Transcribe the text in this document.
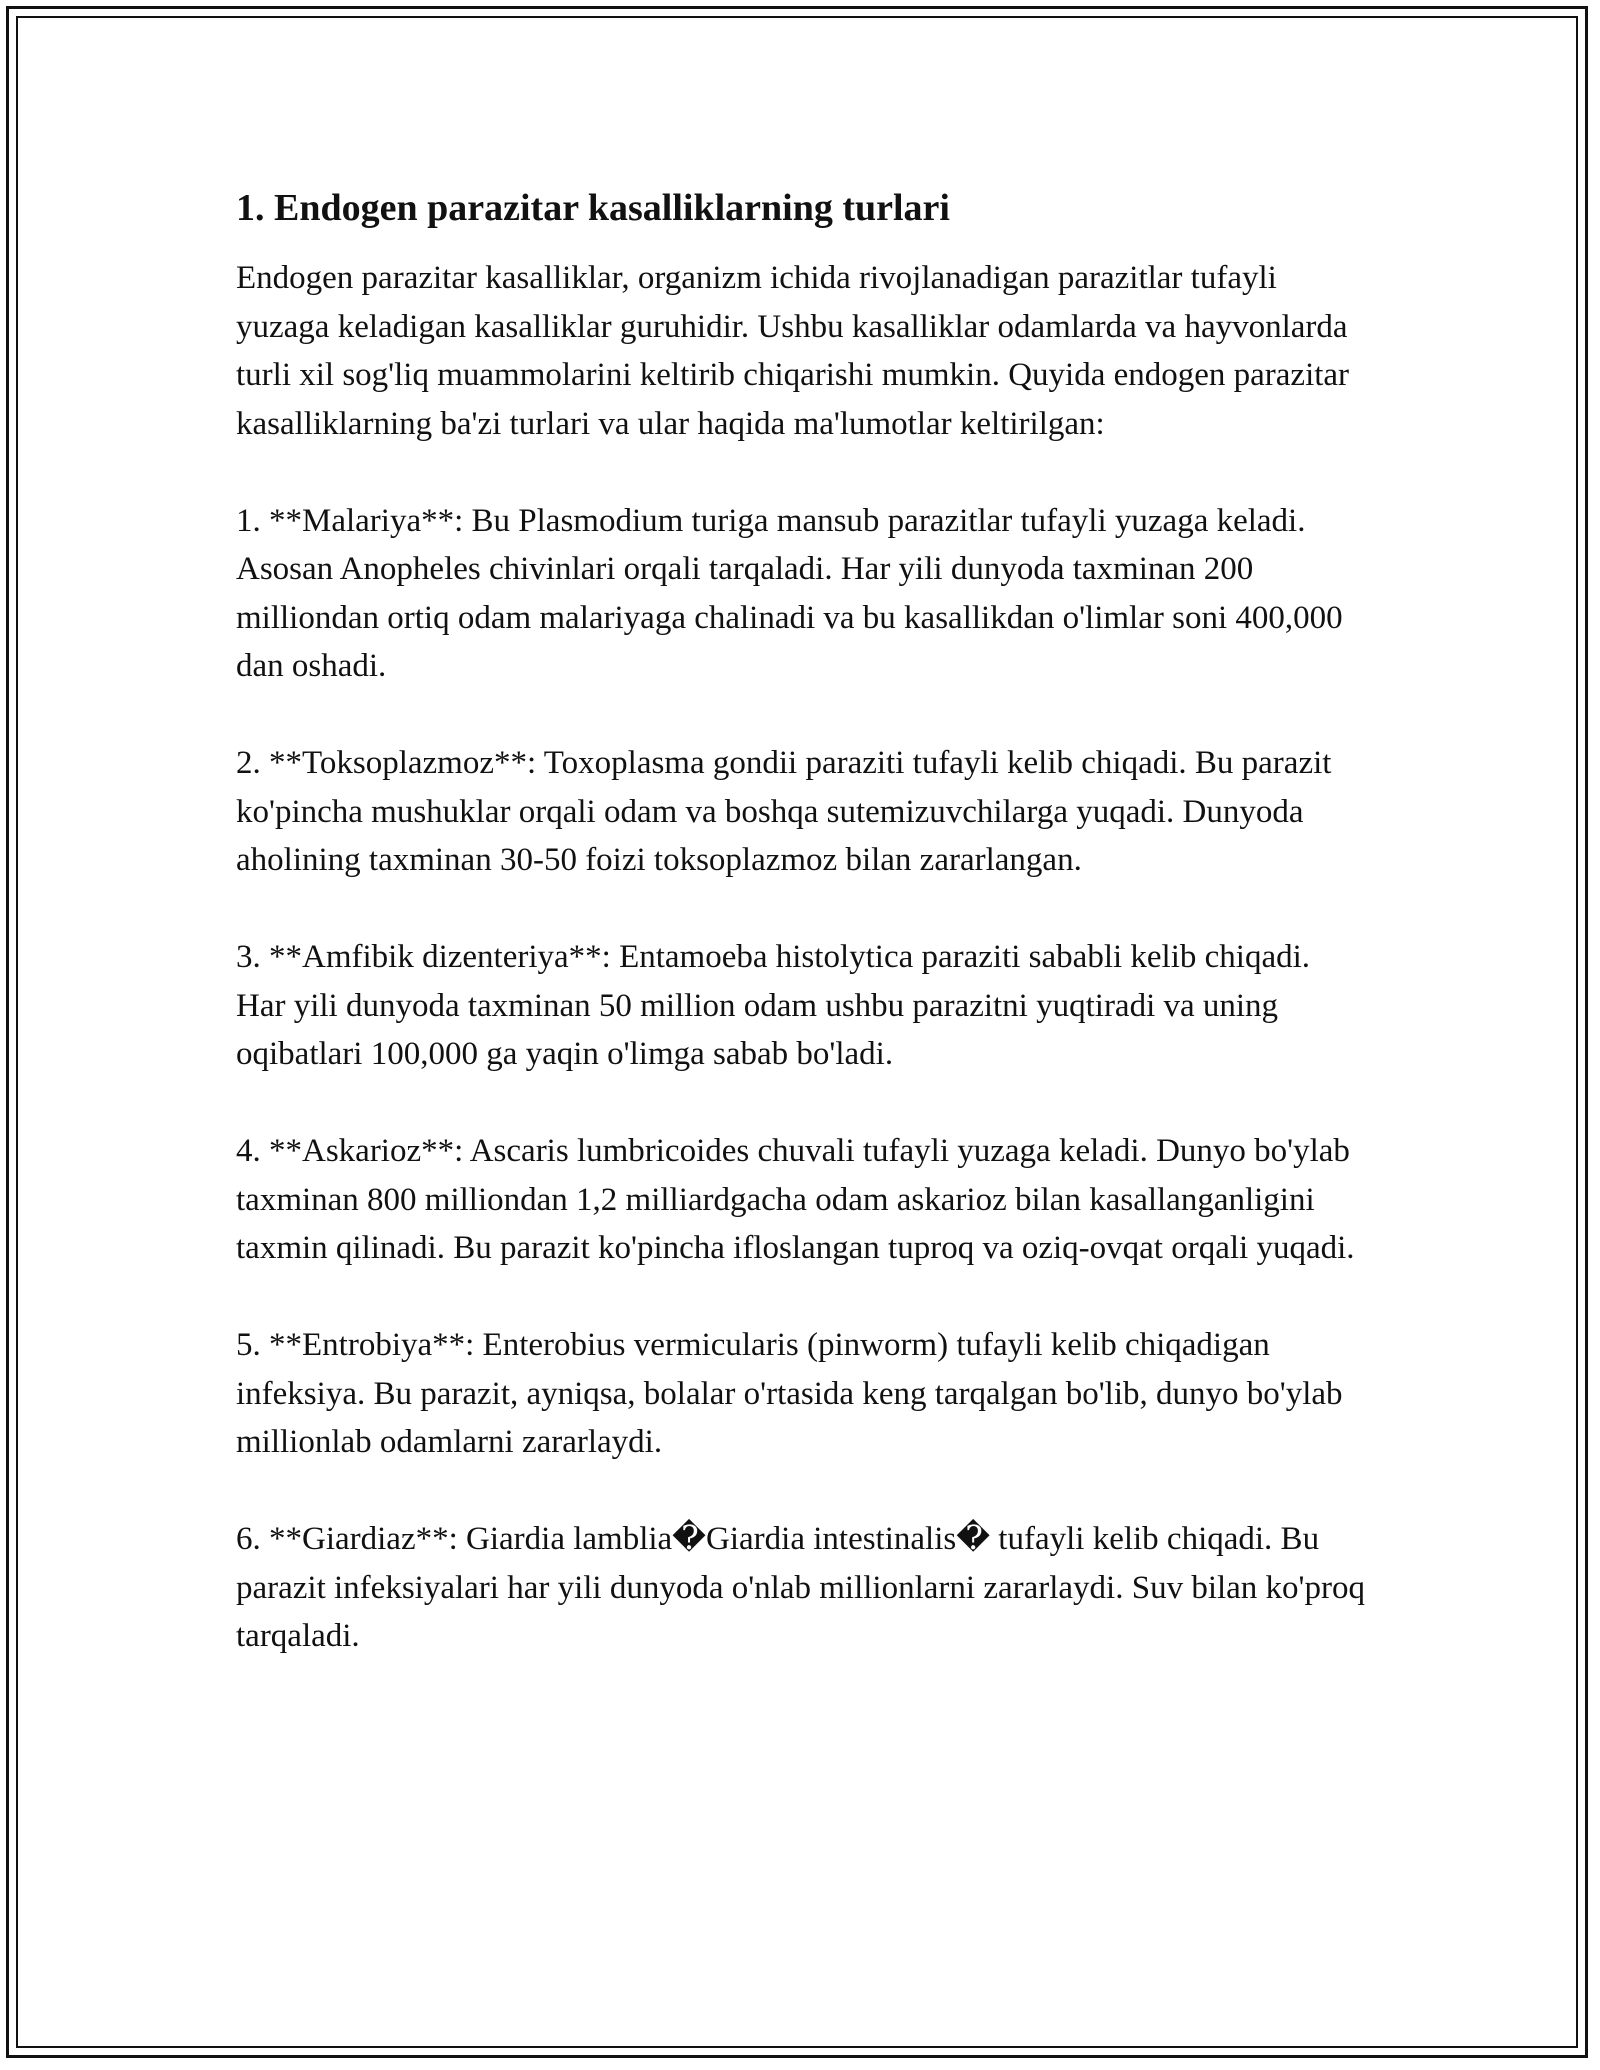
1. Endogen parazitar kasalliklarning turlari

Endogen parazitar kasalliklar, organizm ichida rivojlanadigan parazitlar tufayli yuzaga keladigan kasalliklar guruhidir. Ushbu kasalliklar odamlarda va hayvonlarda turli xil sog'liq muammolarini keltirib chiqarishi mumkin. Quyida endogen parazitar kasalliklarning ba'zi turlari va ular haqida ma'lumotlar keltirilgan:

1. **Malariya**: Bu Plasmodium turiga mansub parazitlar tufayli yuzaga keladi. Asosan Anopheles chivinlari orqali tarqaladi. Har yili dunyoda taxminan 200 milliondan ortiq odam malariyaga chalinadi va bu kasallikdan o'limlar soni 400,000 dan oshadi.

2. **Toksoplazmoz**: Toxoplasma gondii paraziti tufayli kelib chiqadi. Bu parazit ko'pincha mushuklar orqali odam va boshqa sutemizuvchilarga yuqadi. Dunyoda aholining taxminan 30-50 foizi toksoplazmoz bilan zararlangan.

3. **Amfibik dizenteriya**: Entamoeba histolytica paraziti sababli kelib chiqadi. Har yili dunyoda taxminan 50 million odam ushbu parazitni yuqtiradi va uning oqibatlari 100,000 ga yaqin o'limga sabab bo'ladi.

4. **Askarioz**: Ascaris lumbricoides chuvali tufayli yuzaga keladi. Dunyo bo'ylab taxminan 800 milliondan 1,2 milliardgacha odam askarioz bilan kasallanganligini taxmin qilinadi. Bu parazit ko'pincha ifloslangan tuproq va oziq-ovqat orqali yuqadi.

5. **Entrobiya**: Enterobius vermicularis (pinworm) tufayli kelib chiqadigan infeksiya. Bu parazit, ayniqsa, bolalar o'rtasida keng tarqalgan bo'lib, dunyo bo'ylab millionlab odamlarni zararlaydi.

6. **Giardiaz**: Giardia lamblia�Giardia intestinalis� tufayli kelib chiqadi. Bu parazit infeksiyalari har yili dunyoda o'nlab millionlarni zararlaydi. Suv bilan ko'proq tarqaladi.
